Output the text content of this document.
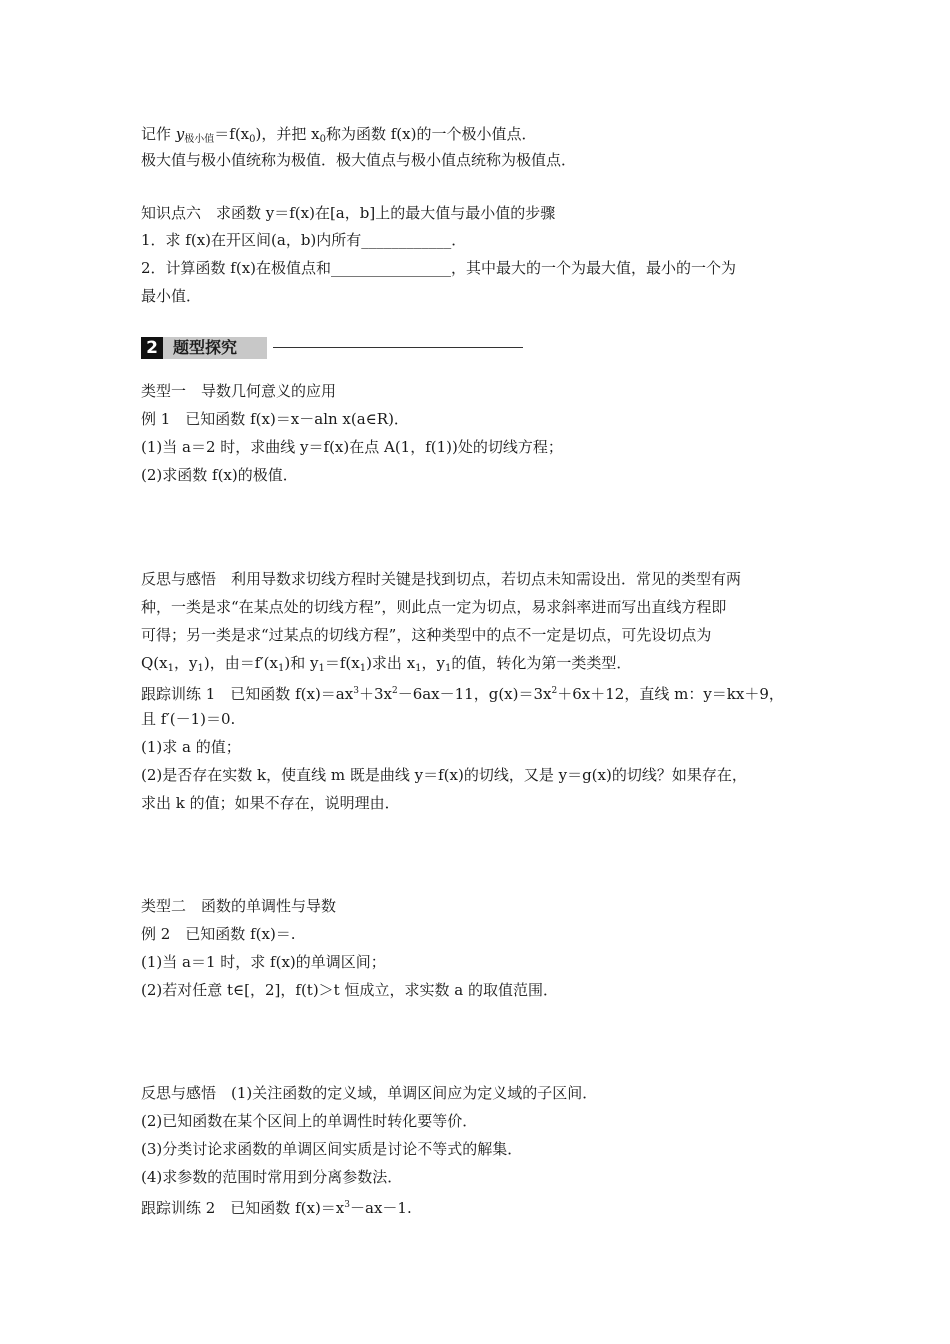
记作 $y_{极小值}=f(x_0)$，并把 $x_0$称为函数 f(x)的一个极小值点．
极大值与极小值统称为极值．极大值点与极小值点统称为极值点．
知识点六　求函数 y＝f(x)在[a，b]上的最大值与最小值的步骤
1．求 f(x)在开区间(a，b)内所有____________．
2．计算函数 f(x)在极值点和________________，其中最大的一个为最大值，最小的一个为
最小值．
2 题型探究
类型一　导数几何意义的应用
例 1　已知函数 f(x)＝x－aln x(a∈R)．
(1)当 a＝2 时，求曲线 y＝f(x)在点 A(1，f(1))处的切线方程；
(2)求函数 f(x)的极值．
反思与感悟　利用导数求切线方程时关键是找到切点，若切点未知需设出．常见的类型有两
种，一类是求“在某点处的切线方程”，则此点一定为切点，易求斜率进而写出直线方程即
可得；另一类是求“过某点的切线方程”，这种类型中的点不一定是切点，可先设切点为
$Q(x_1$，$y_1$)，由$=f'(x_1)$和 $y_1=f(x_1)$求出 $x_1$，$y_1$的值，转化为第一类类型．
跟踪训练 1　已知函数 $f(x)=ax^3+3x^2-6ax-11$，$g(x)=3x^2+6x+12$，直线 m：y＝kx＋9，
且 f′(－1)＝0.
(1)求 a 的值；
(2)是否存在实数 k，使直线 m 既是曲线 y＝f(x)的切线，又是 y＝g(x)的切线？如果存在，
求出 k 的值；如果不存在，说明理由．
类型二　函数的单调性与导数
例 2　已知函数 f(x)＝.
(1)当 a＝1 时，求 f(x)的单调区间；
(2)若对任意 t∈[，2]，f(t)＞t 恒成立，求实数 a 的取值范围．
反思与感悟　(1)关注函数的定义域，单调区间应为定义域的子区间．
(2)已知函数在某个区间上的单调性时转化要等价．
(3)分类讨论求函数的单调区间实质是讨论不等式的解集．
(4)求参数的范围时常用到分离参数法．
跟踪训练 2　已知函数 $f(x)=x^3-ax-1$.
